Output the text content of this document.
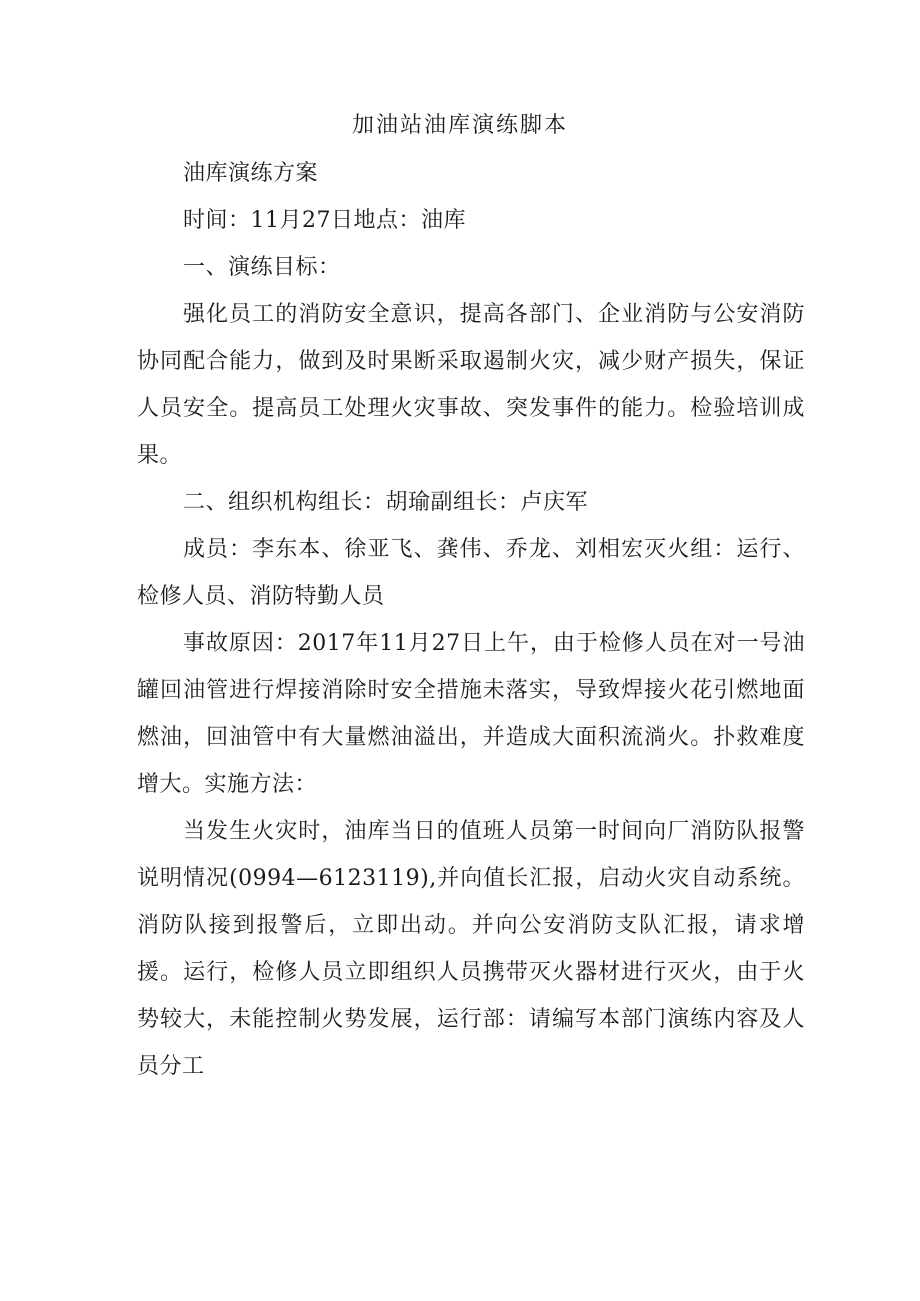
加油站油库演练脚本

油库演练方案

时间：11月27日地点：油库

一、演练目标：

强化员工的消防安全意识，提高各部门、企业消防与公安消防协同配合能力，做到及时果断采取遏制火灾，减少财产损失，保证人员安全。提高员工处理火灾事故、突发事件的能力。检验培训成果。

二、组织机构组长：胡瑜副组长：卢庆军

成员：李东本、徐亚飞、龚伟、乔龙、刘相宏灭火组：运行、检修人员、消防特勤人员

事故原因：2017年11月27日上午，由于检修人员在对一号油罐回油管进行焊接消除时安全措施未落实，导致焊接火花引燃地面燃油，回油管中有大量燃油溢出，并造成大面积流淌火。扑救难度增大。实施方法：

当发生火灾时，油库当日的值班人员第一时间向厂消防队报警说明情况(0994—6123119),并向值长汇报，启动火灾自动系统。消防队接到报警后，立即出动。并向公安消防支队汇报，请求增援。运行，检修人员立即组织人员携带灭火器材进行灭火，由于火势较大，未能控制火势发展，运行部：请编写本部门演练内容及人员分工
